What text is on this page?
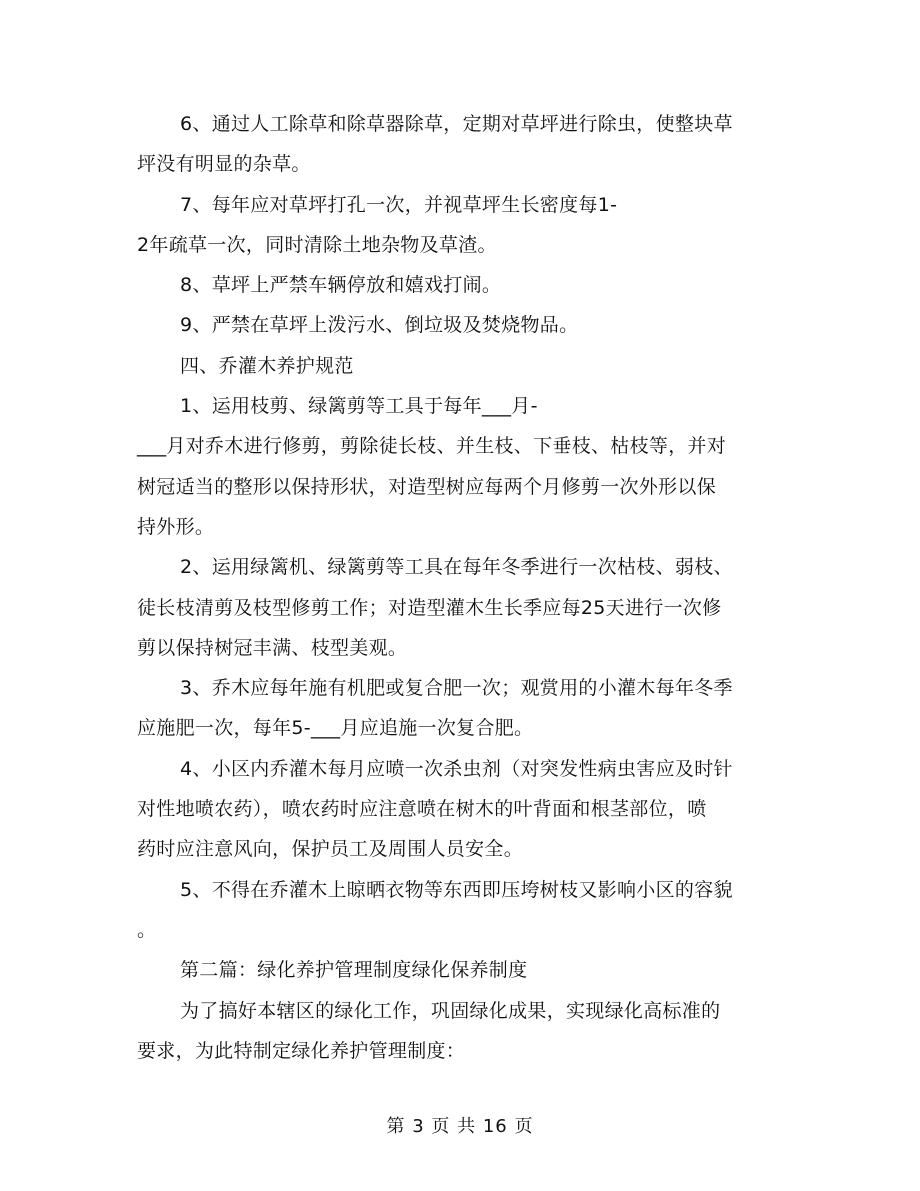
6、通过人工除草和除草器除草，定期对草坪进行除虫，使整块草
坪没有明显的杂草。

7、每年应对草坪打孔一次，并视草坪生长密度每1-
2年疏草一次，同时清除土地杂物及草渣。

8、草坪上严禁车辆停放和嬉戏打闹。

9、严禁在草坪上泼污水、倒垃圾及焚烧物品。

四、乔灌木养护规范

1、运用枝剪、绿篱剪等工具于每年___月-
___月对乔木进行修剪，剪除徒长枝、并生枝、下垂枝、枯枝等，并对
树冠适当的整形以保持形状，对造型树应每两个月修剪一次外形以保
持外形。

2、运用绿篱机、绿篱剪等工具在每年冬季进行一次枯枝、弱枝、
徒长枝清剪及枝型修剪工作；对造型灌木生长季应每25天进行一次修
剪以保持树冠丰满、枝型美观。

3、乔木应每年施有机肥或复合肥一次；观赏用的小灌木每年冬季
应施肥一次，每年5-___月应追施一次复合肥。

4、小区内乔灌木每月应喷一次杀虫剂（对突发性病虫害应及时针
对性地喷农药），喷农药时应注意喷在树木的叶背面和根茎部位，喷
药时应注意风向，保护员工及周围人员安全。

5、不得在乔灌木上晾晒衣物等东西即压垮树枝又影响小区的容貌
。

第二篇：绿化养护管理制度绿化保养制度

为了搞好本辖区的绿化工作，巩固绿化成果，实现绿化高标准的
要求，为此特制定绿化养护管理制度：

第 3 页 共 16 页
